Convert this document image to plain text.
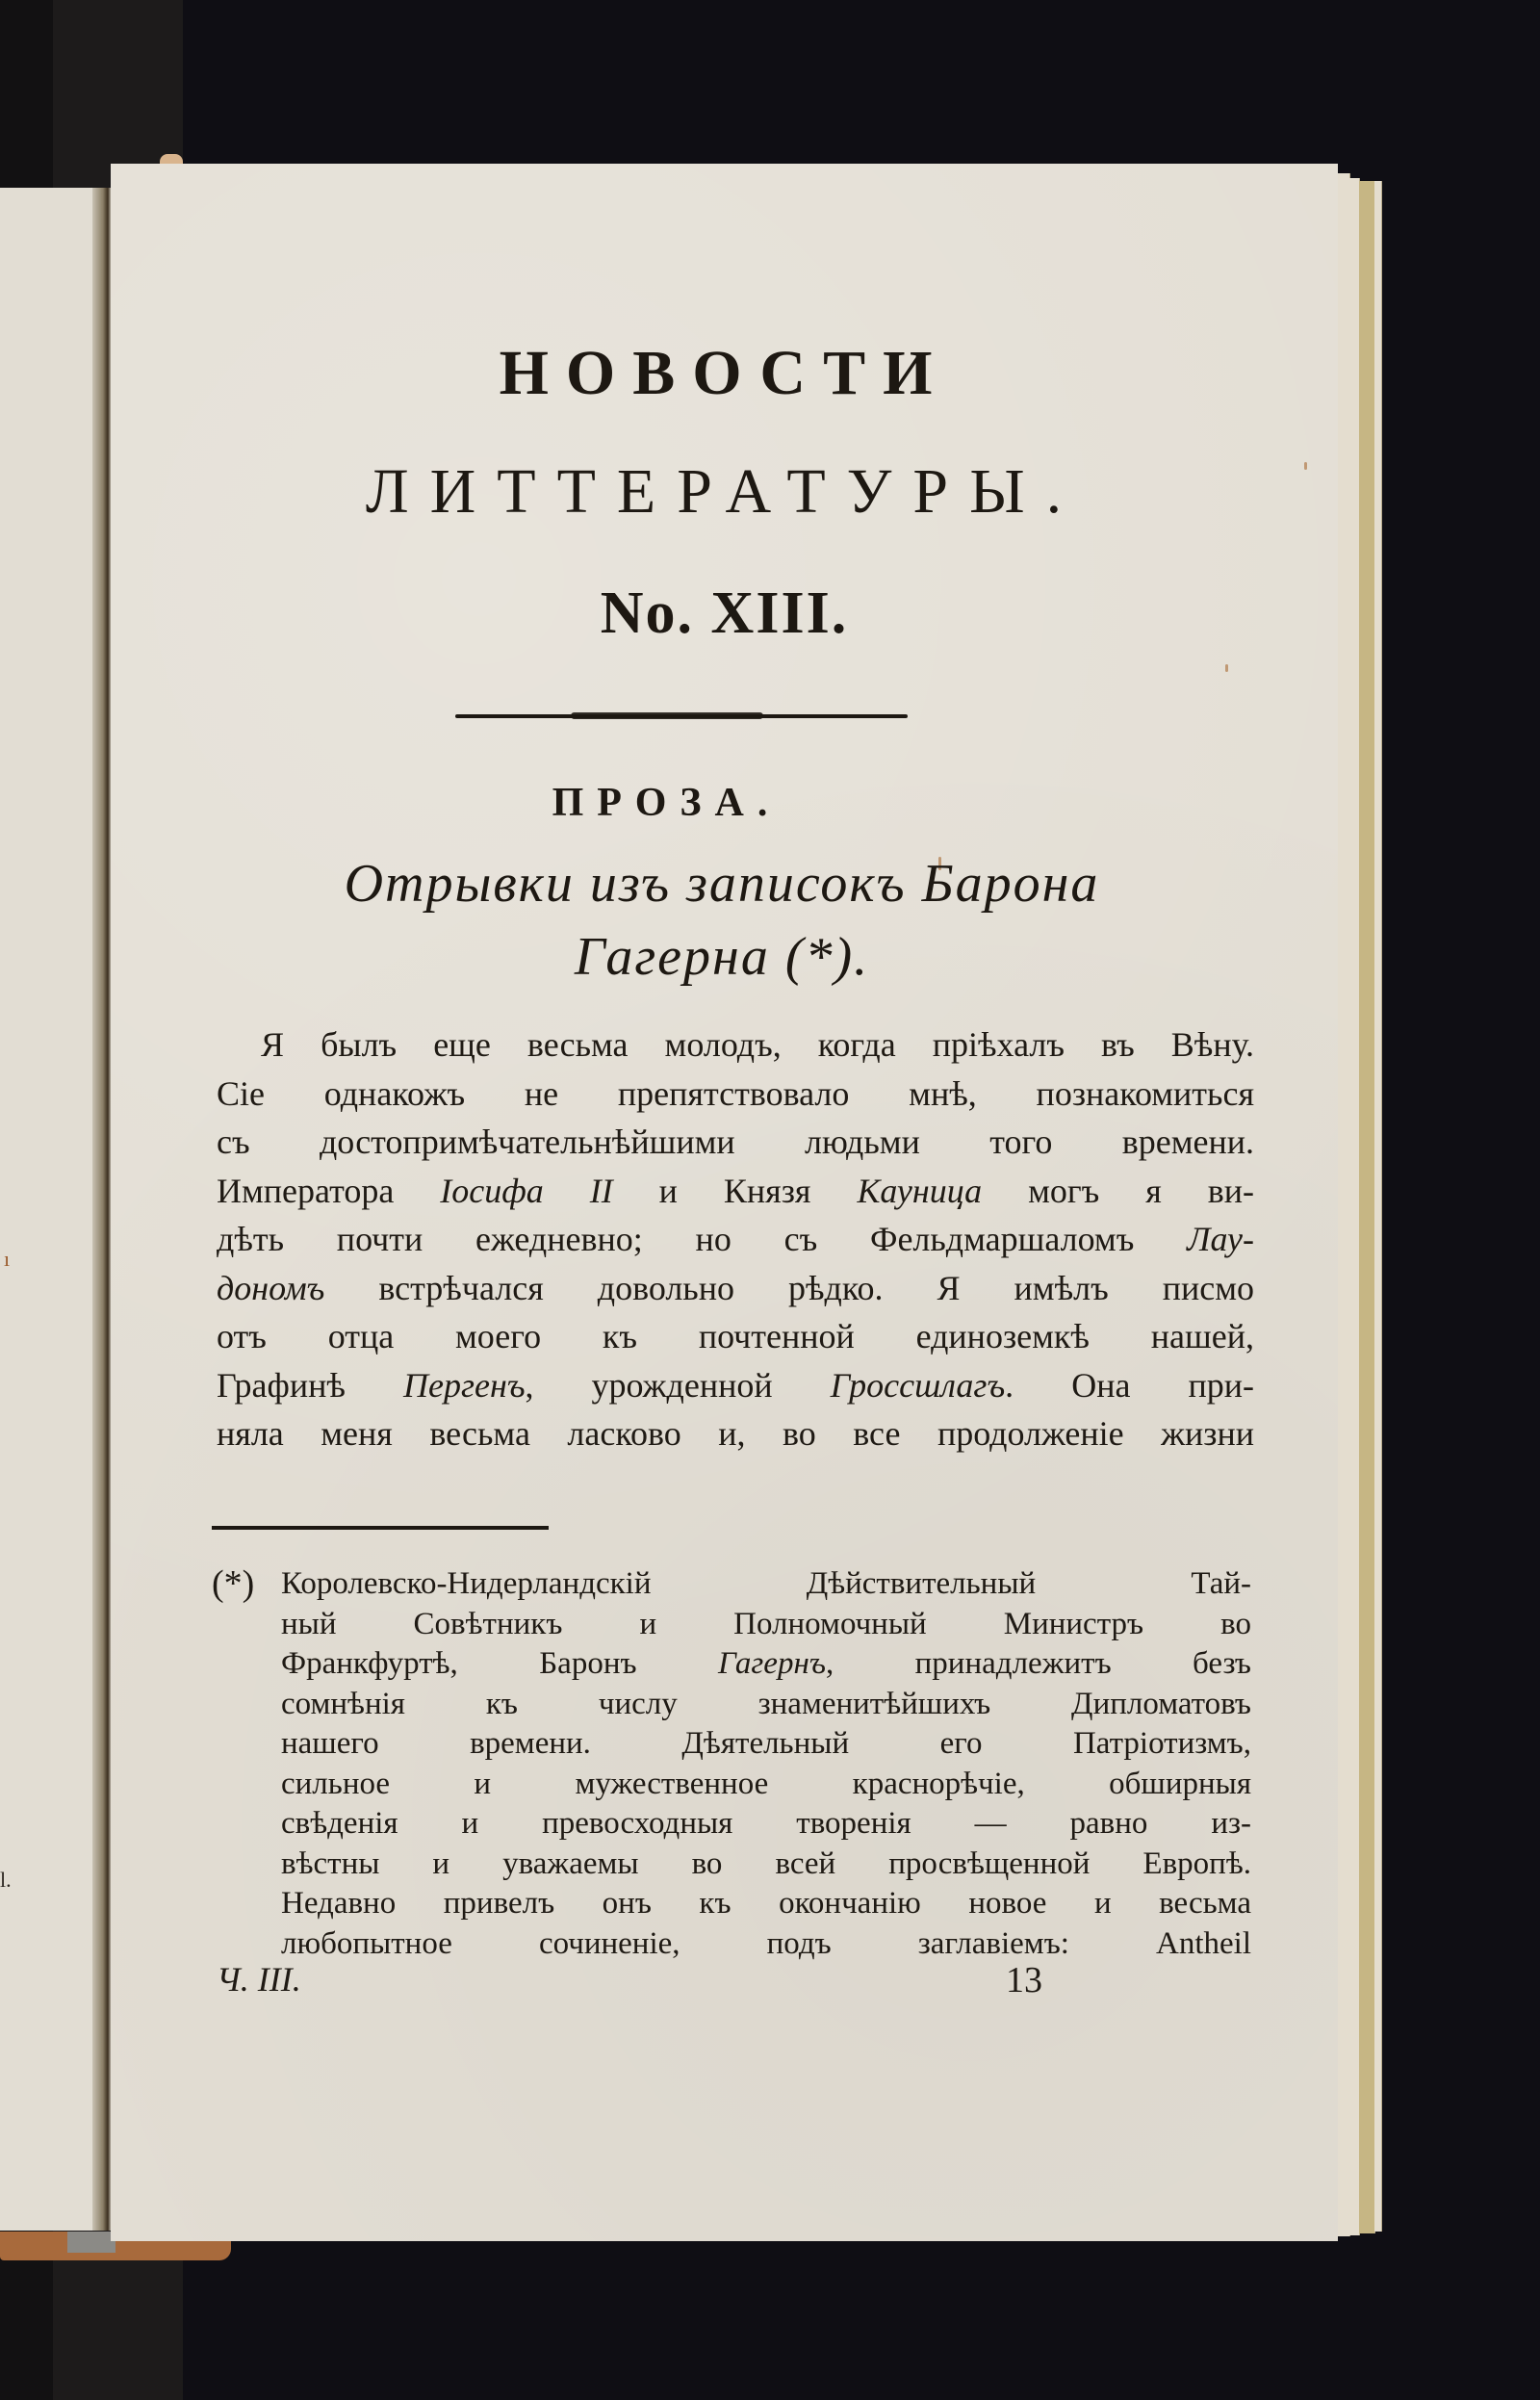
ı
l.
НОВОСТИ
ЛИТТЕРАТУРЫ.
No. XIII.
ПРОЗА.
Отрывки изъ записокъ Барона
Гагерна (*).
Я былъ еще весьма молодъ, когда пріѣхалъ въ Вѣну.
Сіе однакожъ не препятствовало мнѣ, познакомиться
съ достопримѣчательнѣйшими людьми того времени.
Императора Іосифа II и Князя Кауница могъ я ви-
дѣть почти ежедневно; но съ Фельдмаршаломъ Лау-
дономъ встрѣчался довольно рѣдко. Я имѣлъ писмо
отъ отца моего къ почтенной единоземкѣ нашей,
Графинѣ Пергенъ, урожденной Гроссшлагъ. Она при-
няла меня весьма ласково и, во все продолженіе жизни
(*) Королевско-Нидерландскій Дѣйствительный Тай-
ный Совѣтникъ и Полномочный Министръ во
Франкфуртѣ, Баронъ Гагернъ, принадлежитъ безъ
сомнѣнія къ числу знаменитѣйшихъ Дипломатовъ
нашего времени. Дѣятельный его Патріотизмъ,
сильное и мужественное краснорѣчіе, обширныя
свѣденія и превосходныя творенія — равно из-
вѣстны и уважаемы во всей просвѣщенной Европѣ.
Недавно привелъ онъ къ окончанію новое и весьма
любопытное сочиненіе, подъ заглавіемъ: Antheil
Ч. III.	13
